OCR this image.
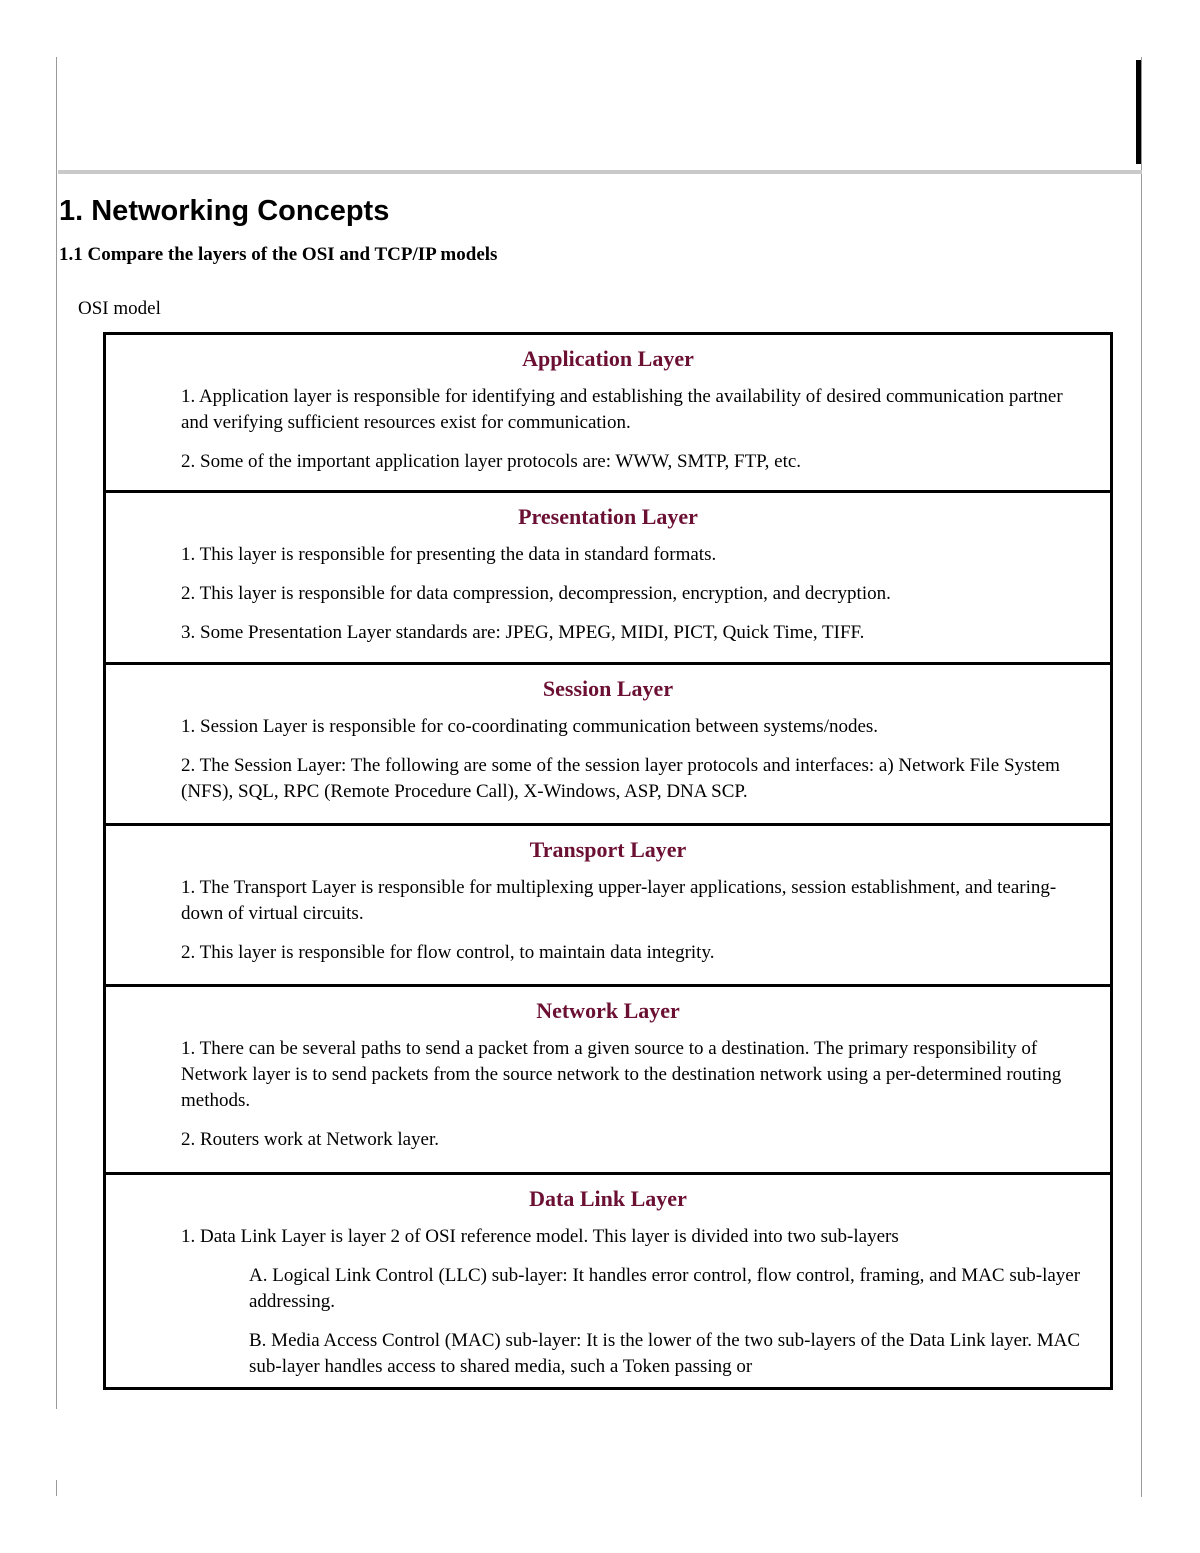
1. Networking Concepts
1.1 Compare the layers of the OSI and TCP/IP models

OSI model

Application Layer

1. Application layer is responsible for identifying and establishing the availability of desired communication partner and verifying sufficient resources exist for communication.

2. Some of the important application layer protocols are: WWW, SMTP, FTP, etc.

Presentation Layer

1. This layer is responsible for presenting the data in standard formats.

2. This layer is responsible for data compression, decompression, encryption, and decryption.

3. Some Presentation Layer standards are: JPEG, MPEG, MIDI, PICT, Quick Time, TIFF.

Session Layer

1. Session Layer is responsible for co-coordinating communication between systems/nodes.

2. The Session Layer: The following are some of the session layer protocols and interfaces: a) Network File System (NFS), SQL, RPC (Remote Procedure Call), X-Windows, ASP, DNA SCP.

Transport Layer

1. The Transport Layer is responsible for multiplexing upper-layer applications, session establishment, and tearing-down of virtual circuits.

2. This layer is responsible for flow control, to maintain data integrity.

Network Layer

1. There can be several paths to send a packet from a given source to a destination. The primary responsibility of Network layer is to send packets from the source network to the destination network using a per-determined routing methods.

2. Routers work at Network layer.

Data Link Layer

1. Data Link Layer is layer 2 of OSI reference model. This layer is divided into two sub-layers

A. Logical Link Control (LLC) sub-layer: It handles error control, flow control, framing, and MAC sub-layer addressing.

B. Media Access Control (MAC) sub-layer: It is the lower of the two sub-layers of the Data Link layer. MAC sub-layer handles access to shared media, such a Token passing or
